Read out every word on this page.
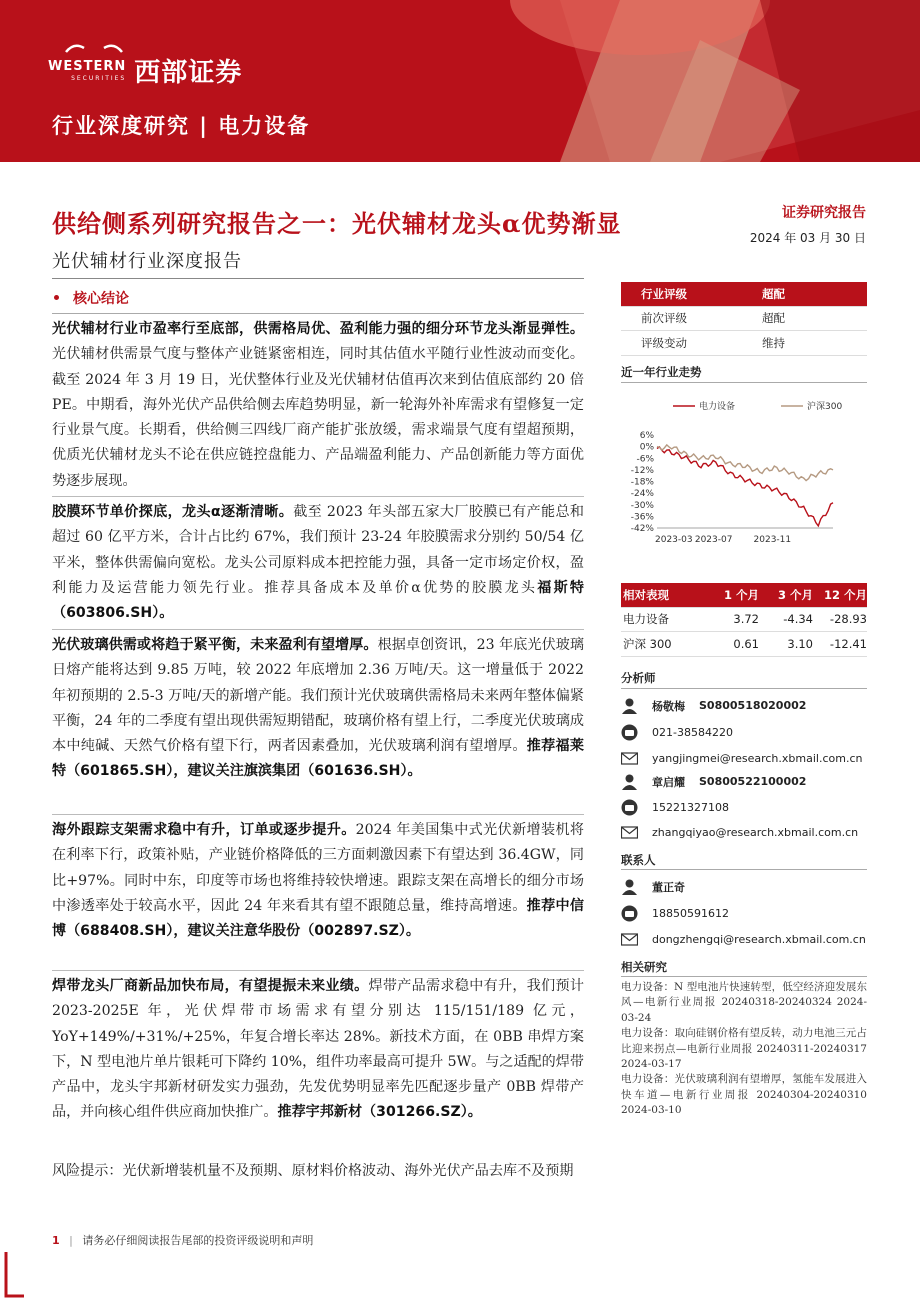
WESTERN
SECURITIES 西部证券
行业深度研究 | 电力设备
供给侧系列研究报告之一：光伏辅材龙头α优势渐显
光伏辅材行业深度报告
证券研究报告
2024 年 03 月 30 日
核心结论
光伏辅材行业市盈率行至底部，供需格局优、盈利能力强的细分环节龙头渐显弹性。光伏辅材供需景气度与整体产业链紧密相连，同时其估值水平随行业性波动而变化。截至 2024 年 3 月 19 日，光伏整体行业及光伏辅材估值再次来到估值底部约 20 倍 PE。中期看，海外光伏产品供给侧去库趋势明显，新一轮海外补库需求有望修复一定行业景气度。长期看，供给侧三四线厂商产能扩张放缓，需求端景气度有望超预期，优质光伏辅材龙头不论在供应链控盘能力、产品端盈利能力、产品创新能力等方面优势逐步展现。
胶膜环节单价探底，龙头α逐渐清晰。截至 2023 年头部五家大厂胶膜已有产能总和超过 60 亿平方米，合计占比约 67%，我们预计 23-24 年胶膜需求分别约 50/54 亿平米，整体供需偏向宽松。龙头公司原料成本把控能力强，具备一定市场定价权，盈利能力及运营能力领先行业。推荐具备成本及单价α优势的胶膜龙头福斯特（603806.SH）。
光伏玻璃供需或将趋于紧平衡，未来盈利有望增厚。根据卓创资讯，23 年底光伏玻璃日熔产能将达到 9.85 万吨，较 2022 年底增加 2.36 万吨/天。这一增量低于 2022 年初预期的 2.5-3 万吨/天的新增产能。我们预计光伏玻璃供需格局未来两年整体偏紧平衡，24 年的二季度有望出现供需短期错配，玻璃价格有望上行，二季度光伏玻璃成本中纯碱、天然气价格有望下行，两者因素叠加，光伏玻璃利润有望增厚。推荐福莱特（601865.SH），建议关注旗滨集团（601636.SH）。
海外跟踪支架需求稳中有升，订单或逐步提升。2024 年美国集中式光伏新增装机将在利率下行，政策补贴，产业链价格降低的三方面刺激因素下有望达到 36.4GW，同比+97%。同时中东，印度等市场也将维持较快增速。跟踪支架在高增长的细分市场中渗透率处于较高水平，因此 24 年来看其有望不跟随总量，维持高增速。推荐中信博（688408.SH），建议关注意华股份（002897.SZ）。
焊带龙头厂商新品加快布局，有望提振未来业绩。焊带产品需求稳中有升，我们预计 2023-2025E 年，光伏焊带市场需求有望分别达 115/151/189 亿元，YoY+149%/+31%/+25%，年复合增长率达 28%。新技术方面，在 0BB 串焊方案下，N 型电池片单片银耗可下降约 10%，组件功率最高可提升 5W。与之适配的焊带产品中，龙头宇邦新材研发实力强劲，先发优势明显率先匹配逐步量产 0BB 焊带产品，并向核心组件供应商加快推广。推荐宇邦新材（301266.SZ）。
风险提示：光伏新增装机量不及预期、原材料价格波动、海外光伏产品去库不及预期
行业评级	超配
前次评级	超配
评级变动	维持
近一年行业走势
6%
0%
-6%
-12%
-18%
-24%
-30%
-36%
-42%
2023-03 2023-07 2023-11
电力设备	沪深300
相对表现	1 个月	3 个月 12 个月
电力设备	3.72	-4.34	-28.93
沪深 300	0.61	3.10	-12.41
分析师
杨敬梅 S0800518020002
021-38584220
yangjingmei@research.xbmail.com.cn
章启耀 S0800522100002
15221327108
zhangqiyao@research.xbmail.com.cn
联系人
董正奇
18850591612
dongzhengqi@research.xbmail.com.cn
相关研究
电力设备：N 型电池片快速转型，低空经济迎发展东风—电新行业周报 20240318-20240324 2024-03-24
电力设备：取向硅钢价格有望反转，动力电池三元占比迎来拐点—电新行业周报 20240311-20240317 2024-03-17
电力设备：光伏玻璃利润有望增厚，氢能车发展进入快车道—电新行业周报 20240304-20240310 2024-03-10
1 | 请务必仔细阅读报告尾部的投资评级说明和声明
